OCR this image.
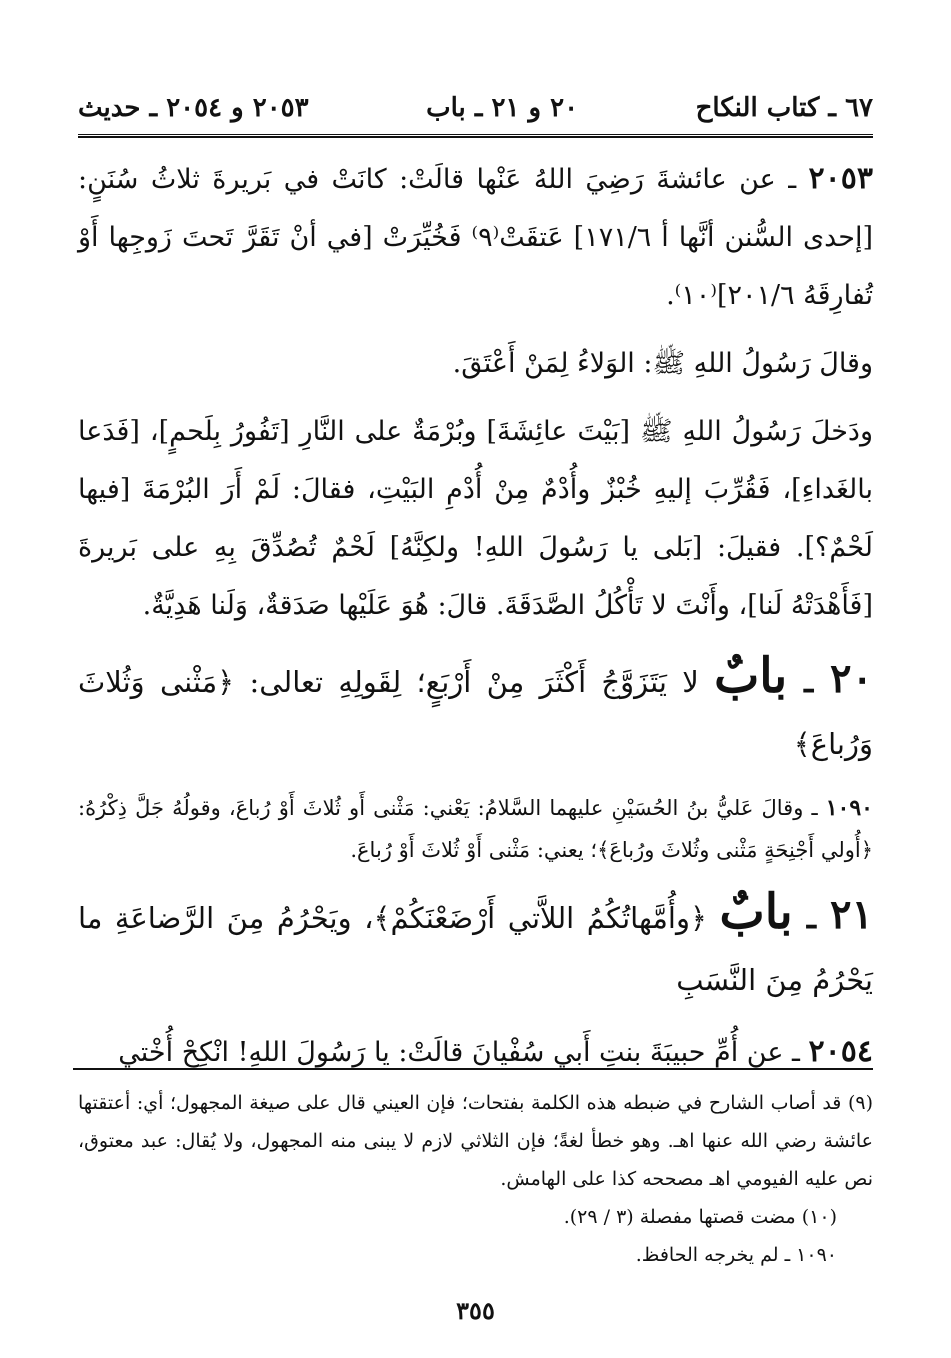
٦٧ ـ كتاب النكاح
٢٠ و ٢١ ـ باب
٢٠٥٣ و ٢٠٥٤ ـ حديث

٢٠٥٣ ـ عن عائشةَ رَضِيَ اللهُ عَنْها قالَتْ: كانَتْ في بَريرةَ ثلاثُ سُنَنٍ: [إحدى السُّنن أنَّها أ ١٧١/٦] عَتقَتْ⁽٩⁾ فَخُيِّرَتْ [في أنْ تَقَرَّ تَحتَ زَوجِها أَوْ تُفارِقَهُ ٢٠١/٦]⁽١٠⁾.

وقالَ رَسُولُ اللهِ ﷺ: الوَلاءُ لِمَنْ أَعْتَقَ.

ودَخلَ رَسُولُ اللهِ ﷺ [بَيْتَ عائِشَةَ] وبُرْمَةٌ على النَّارِ [تَفُورُ بِلَحمٍ]، [فَدَعا بالغَداءِ]، فَقُرِّبَ إليهِ خُبْزٌ وأُدْمٌ مِنْ أُدْمِ البَيْتِ، فقالَ: لَمْ أَرَ البُرْمَةَ [فيها لَحْمٌ؟]. فقيلَ: [بَلى يا رَسُولَ اللهِ! ولكِنَّهُ] لَحْمٌ تُصُدِّقَ بِهِ على بَريرةَ [فَأَهْدَتْهُ لَنا]، وأَنْتَ لا تَأْكُلُ الصَّدَقَةَ. قالَ: هُوَ عَلَيْها صَدَقةٌ، وَلَنا هَدِيَّةٌ.

٢٠ ـ بابٌ لا يَتَزَوَّجُ أَكْثَرَ مِنْ أَرْبَعٍ؛ لِقَولِهِ تعالى: ﴿مَثْنى وَثُلاثَ وَرُباعَ﴾

١٠٩٠ ـ وقالَ عَليُّ بنُ الحُسَيْنِ عليهما السَّلامُ: يَعْني: مَثْنى أَو ثُلاثَ أَوْ رُباعَ، وقولُهُ جَلَّ ذِكْرُهُ: ﴿أُولي أَجْنِحَةٍ مَثْنى وثُلاثَ ورُباعَ﴾؛ يعني: مَثْنى أَوْ ثُلاثَ أَوْ رُباعَ.

٢١ ـ بابٌ ﴿وأُمَّهاتُكُمُ اللاَّتي أَرْضَعْنَكُمْ﴾، ويَحْرُمُ مِنَ الرَّضاعَةِ ما يَحْرُمُ مِنَ النَّسَبِ

٢٠٥٤ ـ عن أُمِّ حبيبَةَ بنتِ أَبي سُفْيانَ قالَتْ: يا رَسُولَ اللهِ! انْكِحْ أُخْتي

(٩) قد أصاب الشارح في ضبطه هذه الكلمة بفتحات؛ فإن العيني قال على صيغة المجهول؛ أي: أعتقتها عائشة رضي الله عنها اهـ. وهو خطأ لغةً؛ فإن الثلاثي لازم لا يبنى منه المجهول، ولا يُقال: عبد معتوق، نص عليه الفيومي اهـ مصححه كذا على الهامش.

(١٠) مضت قصتها مفصلة (٣ / ٢٩).

١٠٩٠ ـ لم يخرجه الحافظ.

٣٥٥
